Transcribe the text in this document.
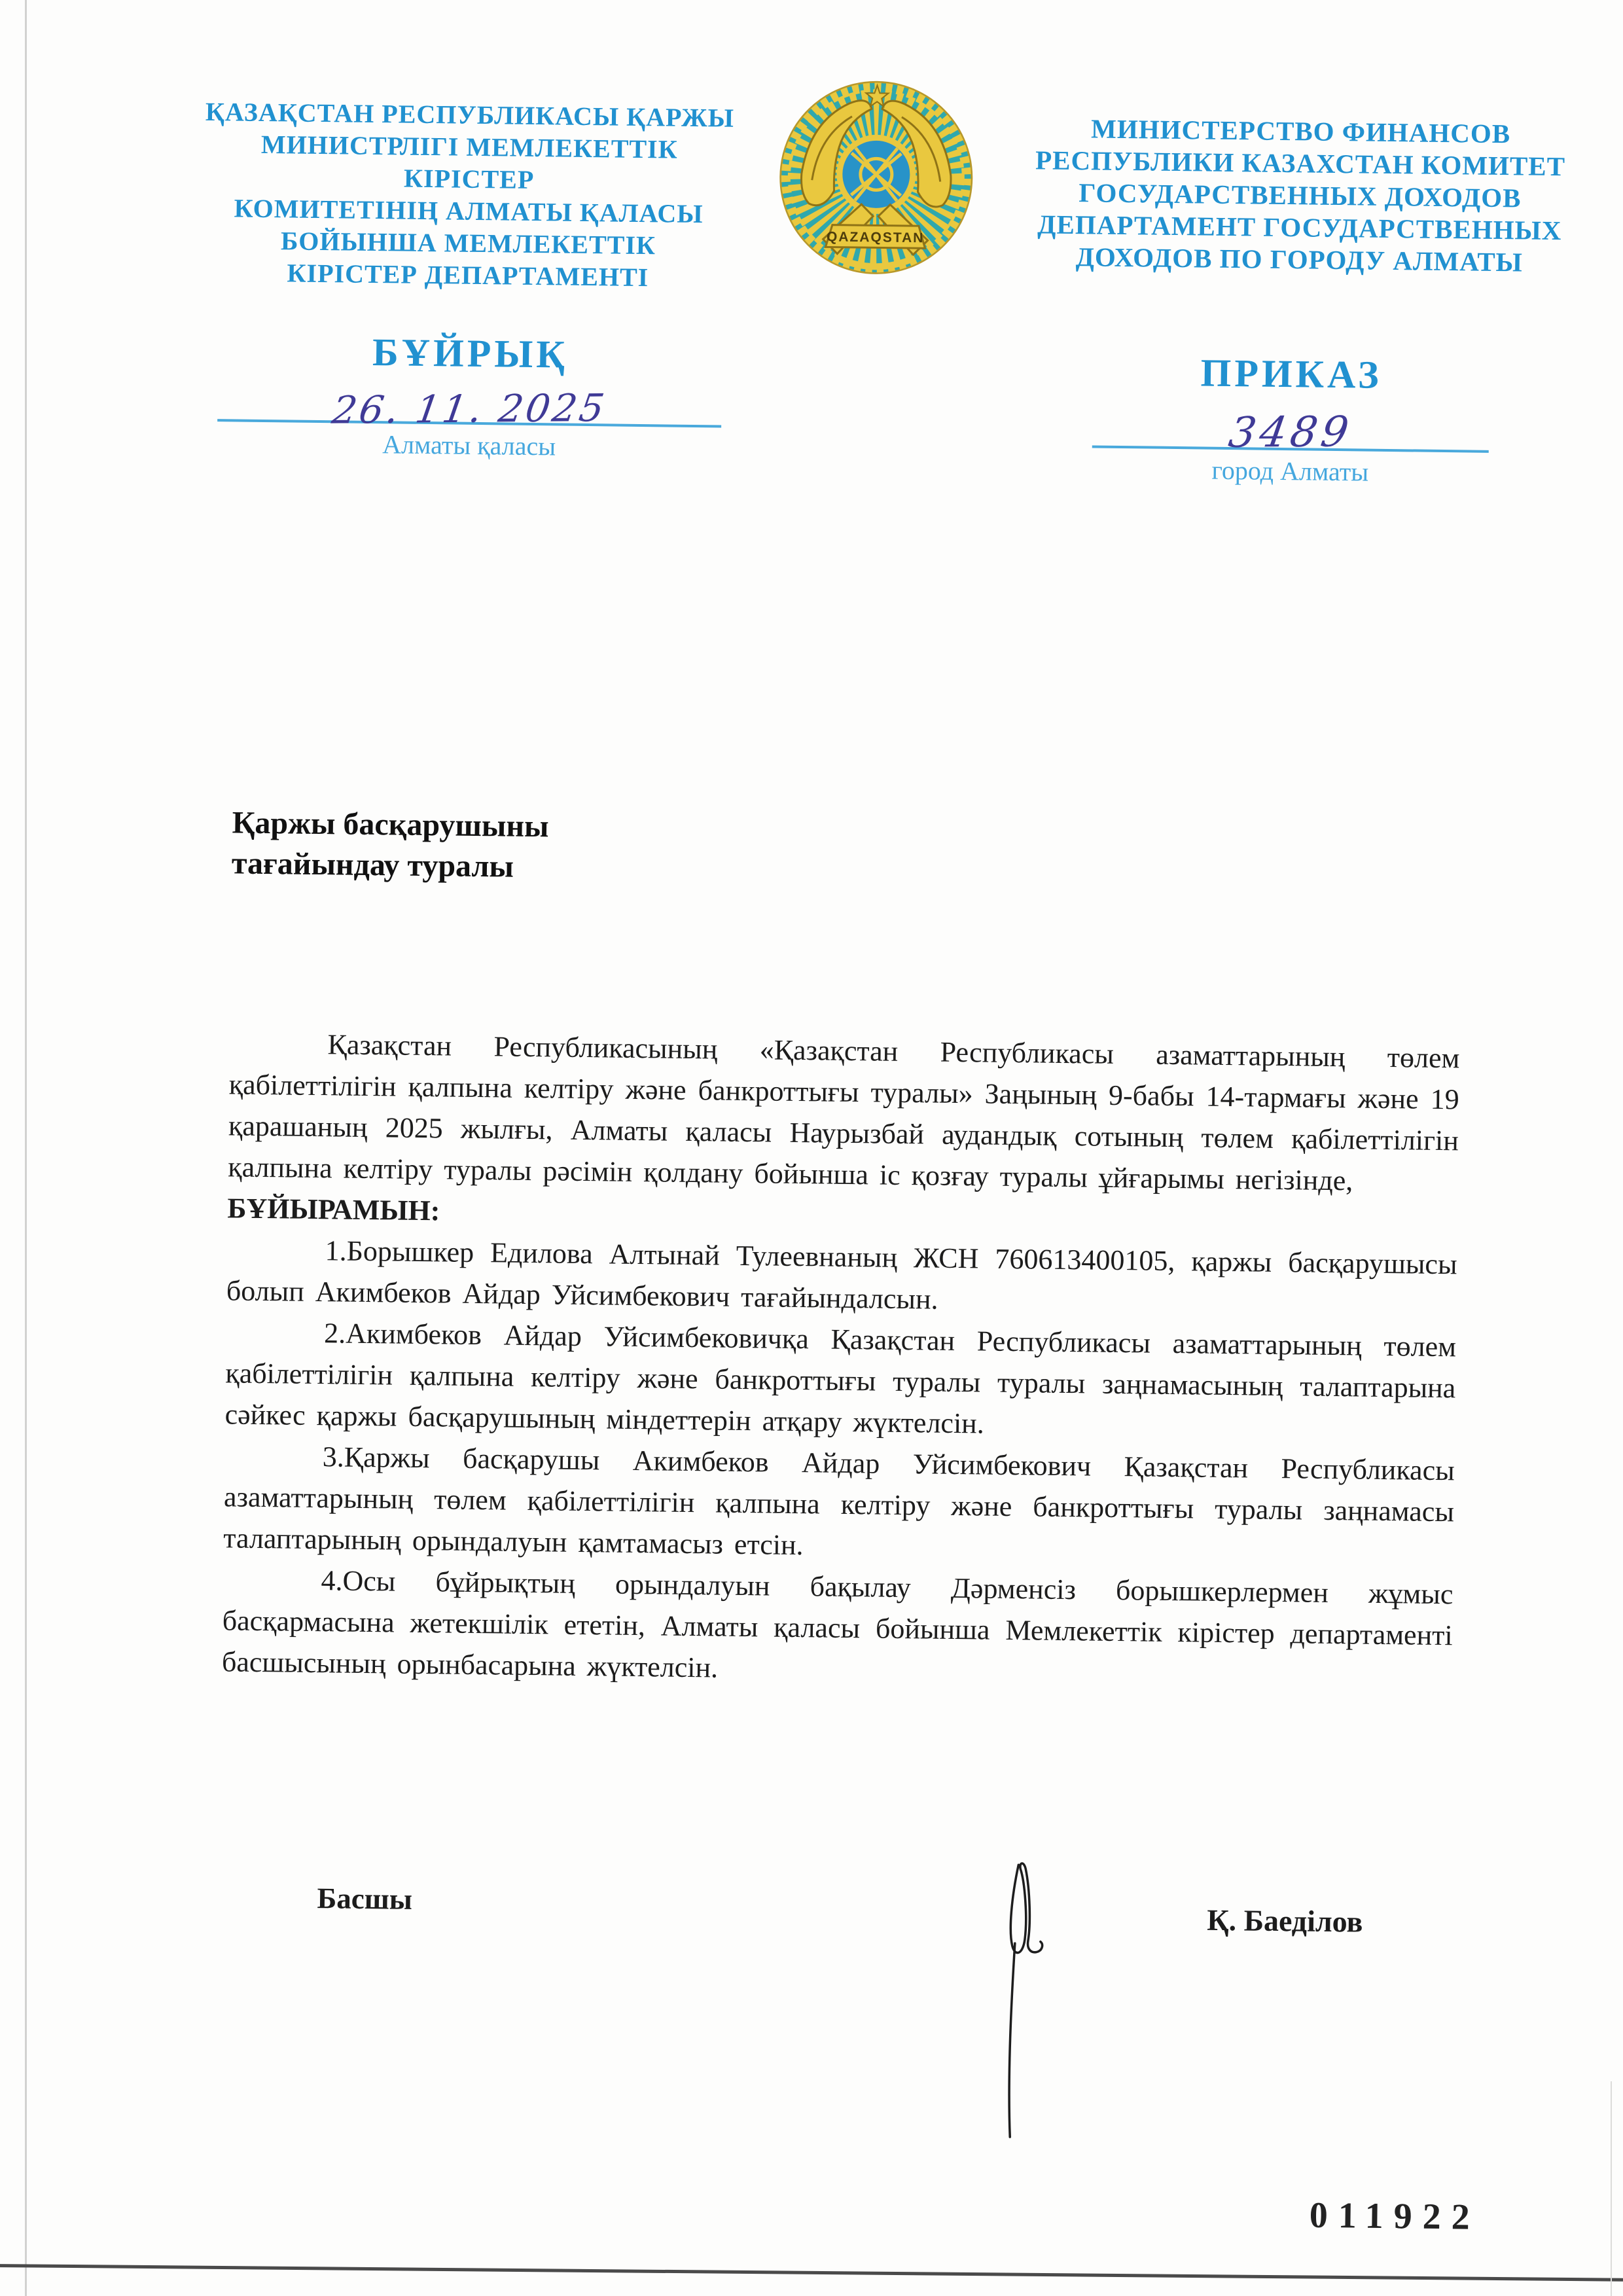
ҚАЗАҚСТАН РЕСПУБЛИКАСЫ ҚАРЖЫ
МИНИСТРЛІГІ МЕМЛЕКЕТТІК КІРІСТЕР
КОМИТЕТІНІҢ АЛМАТЫ ҚАЛАСЫ
БОЙЫНША МЕМЛЕКЕТТІК
КІРІСТЕР ДЕПАРТАМЕНТІ
QAZAQSTAN
МИНИСТЕРСТВО ФИНАНСОВ
РЕСПУБЛИКИ КАЗАХСТАН КОМИТЕТ
ГОСУДАРСТВЕННЫХ ДОХОДОВ
ДЕПАРТАМЕНТ ГОСУДАРСТВЕННЫХ
ДОХОДОВ ПО ГОРОДУ АЛМАТЫ
БҰЙРЫҚ
26. 11. 2025
Алматы қаласы
ПРИКАЗ
3489
город Алматы
Қаржы басқарушыны
тағайындау туралы

Қазақстан Республикасының «Қазақстан Республикасы азаматтарының төлем қабілеттілігін қалпына келтіру және банкроттығы туралы» Заңының 9-бабы 14-тармағы және 19 қарашаның 2025 жылғы, Алматы қаласы Наурызбай аудандық сотының төлем қабілеттілігін қалпына келтіру туралы рәсімін қолдану бойынша іс қозғау туралы ұйғарымы негізінде,

БҰЙЫРАМЫН:

1.Борышкер Едилова Алтынай Тулеевнаның ЖСН 760613400105, қаржы басқарушысы болып Акимбеков Айдар Уйсимбекович тағайындалсын.

2.Акимбеков Айдар Уйсимбековичқа Қазақстан Республикасы азаматтарының төлем қабілеттілігін қалпына келтіру және банкроттығы туралы туралы заңнамасының талаптарына сәйкес қаржы басқарушының міндеттерін атқару жүктелсін.

3.Қаржы басқарушы Акимбеков Айдар Уйсимбекович Қазақстан Республикасы азаматтарының төлем қабілеттілігін қалпына келтіру және банкроттығы туралы заңнамасы талаптарының орындалуын қамтамасыз етсін.

4.Осы бұйрықтың орындалуын бақылау Дәрменсіз борышкерлермен жұмыс басқармасына жетекшілік ететін, Алматы қаласы бойынша Мемлекеттік кірістер департаменті басшысының орынбасарына жүктелсін.

Басшы
Қ. Баеділов
011922
